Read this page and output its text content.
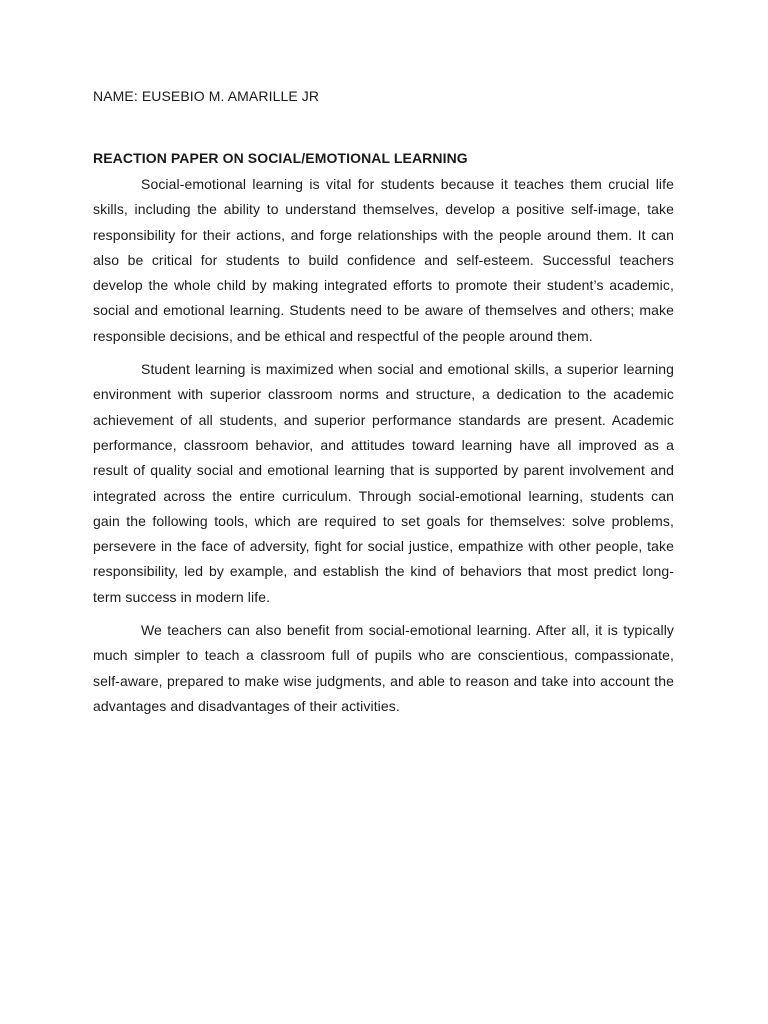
NAME: EUSEBIO M. AMARILLE JR

REACTION PAPER ON SOCIAL/EMOTIONAL LEARNING

Social-emotional learning is vital for students because it teaches them crucial life skills, including the ability to understand themselves, develop a positive self-image, take responsibility for their actions, and forge relationships with the people around them. It can also be critical for students to build confidence and self-esteem. Successful teachers develop the whole child by making integrated efforts to promote their student’s academic, social and emotional learning. Students need to be aware of themselves and others; make responsible decisions, and be ethical and respectful of the people around them.

Student learning is maximized when social and emotional skills, a superior learning environment with superior classroom norms and structure, a dedication to the academic achievement of all students, and superior performance standards are present. Academic performance, classroom behavior, and attitudes toward learning have all improved as a result of quality social and emotional learning that is supported by parent involvement and integrated across the entire curriculum. Through social-emotional learning, students can gain the following tools, which are required to set goals for themselves: solve problems, persevere in the face of adversity, fight for social justice, empathize with other people, take responsibility, led by example, and establish the kind of behaviors that most predict long-term success in modern life.

We teachers can also benefit from social-emotional learning. After all, it is typically much simpler to teach a classroom full of pupils who are conscientious, compassionate, self-aware, prepared to make wise judgments, and able to reason and take into account the advantages and disadvantages of their activities.
